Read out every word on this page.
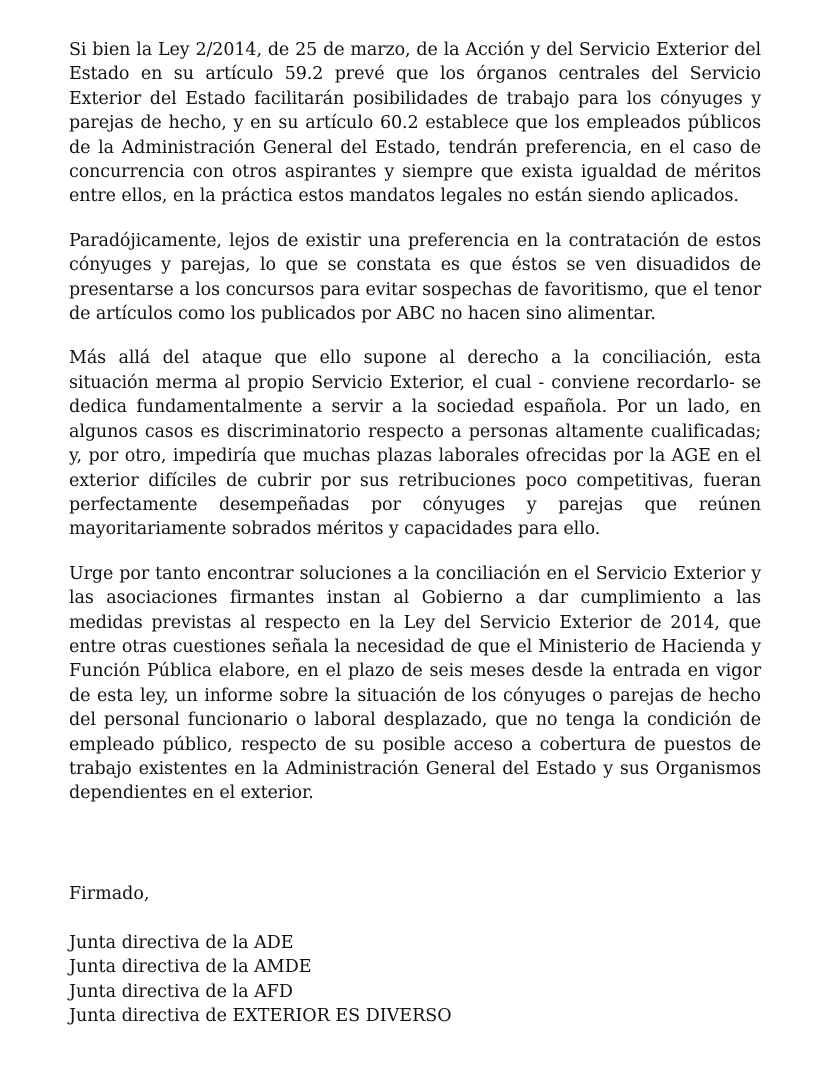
Si bien la Ley 2/2014, de 25 de marzo, de la Acción y del Servicio Exterior del Estado en su artículo 59.2 prevé que los órganos centrales del Servicio Exterior del Estado facilitarán posibilidades de trabajo para los cónyuges y parejas de hecho, y en su artículo 60.2 establece que los empleados públicos de la Administración General del Estado, tendrán preferencia, en el caso de concurrencia con otros aspirantes y siempre que exista igualdad de méritos entre ellos, en la práctica estos mandatos legales no están siendo aplicados.

Paradójicamente, lejos de existir una preferencia en la contratación de estos cónyuges y parejas, lo que se constata es que éstos se ven disuadidos de presentarse a los concursos para evitar sospechas de favoritismo, que el tenor de artículos como los publicados por ABC no hacen sino alimentar.

Más allá del ataque que ello supone al derecho a la conciliación, esta situación merma al propio Servicio Exterior, el cual - conviene recordarlo- se dedica fundamentalmente a servir a la sociedad española. Por un lado, en algunos casos es discriminatorio respecto a personas altamente cualificadas; y, por otro, impediría que muchas plazas laborales ofrecidas por la AGE en el exterior difíciles de cubrir por sus retribuciones poco competitivas, fueran perfectamente desempeñadas por cónyuges y parejas que reúnen mayoritariamente sobrados méritos y capacidades para ello.

Urge por tanto encontrar soluciones a la conciliación en el Servicio Exterior y las asociaciones firmantes instan al Gobierno a dar cumplimiento a las medidas previstas al respecto en la Ley del Servicio Exterior de 2014, que entre otras cuestiones señala la necesidad de que el Ministerio de Hacienda y Función Pública elabore, en el plazo de seis meses desde la entrada en vigor de esta ley, un informe sobre la situación de los cónyuges o parejas de hecho del personal funcionario o laboral desplazado, que no tenga la condición de empleado público, respecto de su posible acceso a cobertura de puestos de trabajo existentes en la Administración General del Estado y sus Organismos dependientes en el exterior.

Firmado,
Junta directiva de la ADE
Junta directiva de la AMDE
Junta directiva de la AFD
Junta directiva de EXTERIOR ES DIVERSO
